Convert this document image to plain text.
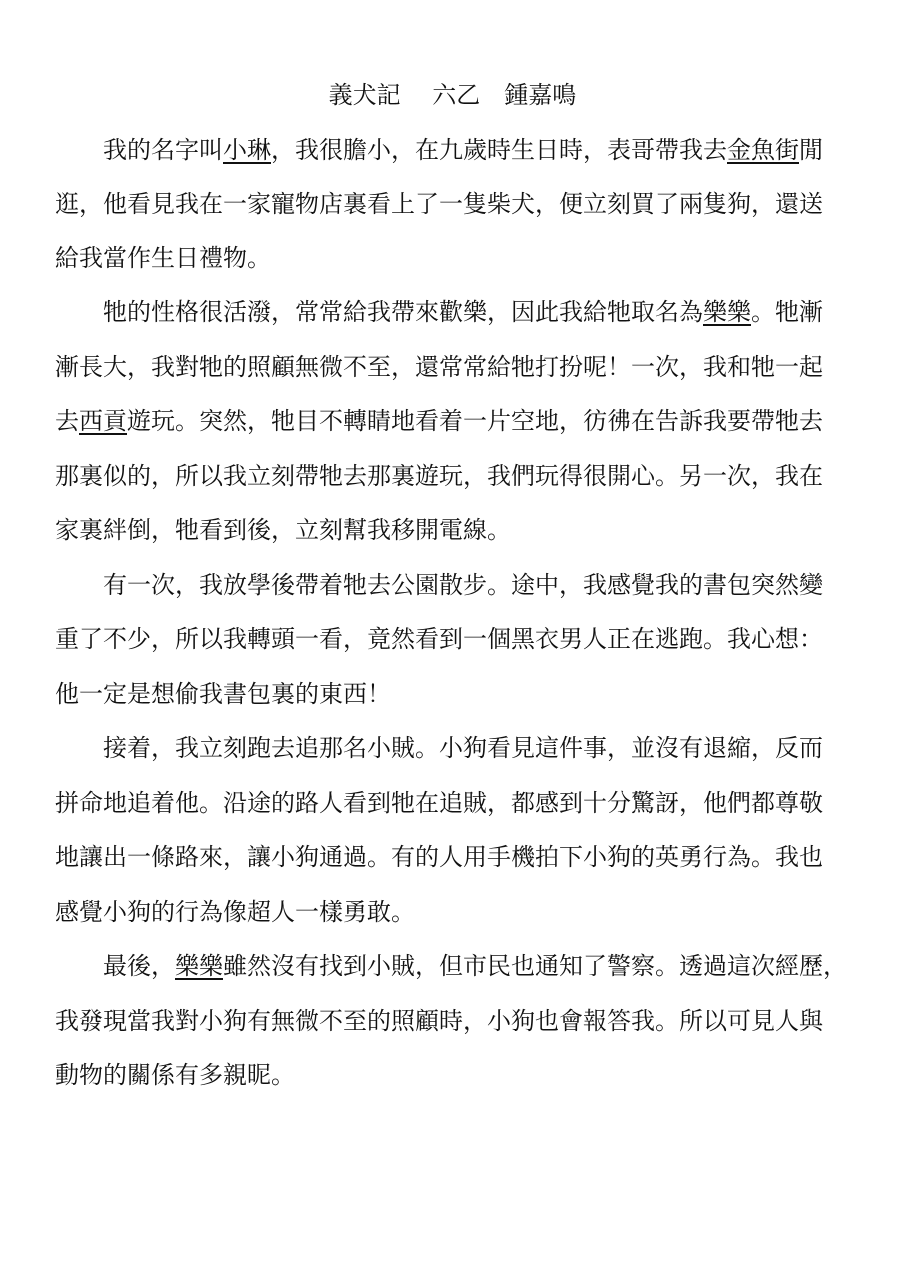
義犬記　 六乙　鍾嘉鳴
我的名字叫小琳，我很膽小，在九歲時生日時，表哥帶我去金魚街閒
逛，他看見我在一家寵物店裏看上了一隻柴犬，便立刻買了兩隻狗，還送
給我當作生日禮物。
牠的性格很活潑，常常給我帶來歡樂，因此我給牠取名為樂樂。牠漸
漸長大，我對牠的照顧無微不至，還常常給牠打扮呢！一次，我和牠一起
去西貢遊玩。突然，牠目不轉睛地看着一片空地，彷彿在告訴我要帶牠去
那裏似的，所以我立刻帶牠去那裏遊玩，我們玩得很開心。另一次，我在
家裏絆倒，牠看到後，立刻幫我移開電線。
有一次，我放學後帶着牠去公園散步。途中，我感覺我的書包突然變
重了不少，所以我轉頭一看，竟然看到一個黑衣男人正在逃跑。我心想：
他一定是想偷我書包裏的東西！
接着，我立刻跑去追那名小賊。小狗看見這件事，並沒有退縮，反而
拼命地追着他。沿途的路人看到牠在追賊，都感到十分驚訝，他們都尊敬
地讓出一條路來，讓小狗通過。有的人用手機拍下小狗的英勇行為。我也
感覺小狗的行為像超人一樣勇敢。
最後，樂樂雖然沒有找到小賊，但市民也通知了警察。透過這次經歷，
我發現當我對小狗有無微不至的照顧時，小狗也會報答我。所以可見人與
動物的關係有多親昵。
